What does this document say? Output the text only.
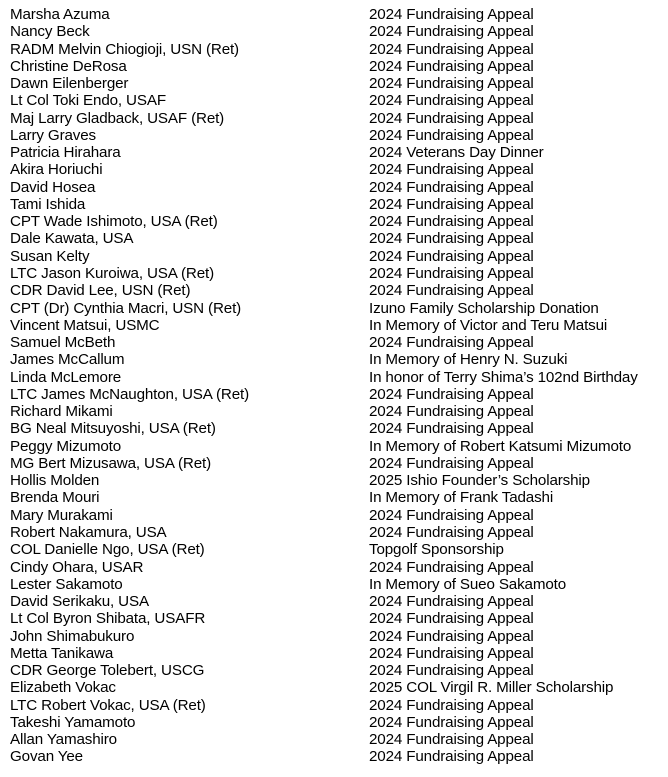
Marsha Azuma	2024 Fundraising Appeal
Nancy Beck	2024 Fundraising Appeal
RADM Melvin Chiogioji, USN (Ret)	2024 Fundraising Appeal
Christine DeRosa	2024 Fundraising Appeal
Dawn Eilenberger	2024 Fundraising Appeal
Lt Col Toki Endo, USAF	2024 Fundraising Appeal
Maj Larry Gladback, USAF (Ret)	2024 Fundraising Appeal
Larry Graves	2024 Fundraising Appeal
Patricia Hirahara	2024 Veterans Day Dinner
Akira Horiuchi	2024 Fundraising Appeal
David Hosea	2024 Fundraising Appeal
Tami Ishida	2024 Fundraising Appeal
CPT Wade Ishimoto, USA (Ret)	2024 Fundraising Appeal
Dale Kawata, USA	2024 Fundraising Appeal
Susan Kelty	2024 Fundraising Appeal
LTC Jason Kuroiwa, USA (Ret)	2024 Fundraising Appeal
CDR David Lee, USN (Ret)	2024 Fundraising Appeal
CPT (Dr) Cynthia Macri, USN (Ret)	Izuno Family Scholarship Donation
Vincent Matsui, USMC	In Memory of Victor and Teru Matsui
Samuel McBeth	2024 Fundraising Appeal
James McCallum	In Memory of Henry N. Suzuki
Linda McLemore	In honor of Terry Shima’s 102nd Birthday
LTC James McNaughton, USA (Ret)	2024 Fundraising Appeal
Richard Mikami	2024 Fundraising Appeal
BG Neal Mitsuyoshi, USA (Ret)	2024 Fundraising Appeal
Peggy Mizumoto	In Memory of Robert Katsumi Mizumoto
MG Bert Mizusawa, USA (Ret)	2024 Fundraising Appeal
Hollis Molden	2025 Ishio Founder’s Scholarship
Brenda Mouri	In Memory of Frank Tadashi
Mary Murakami	2024 Fundraising Appeal
Robert Nakamura, USA	2024 Fundraising Appeal
COL Danielle Ngo, USA (Ret)	Topgolf Sponsorship
Cindy Ohara, USAR	2024 Fundraising Appeal
Lester Sakamoto	In Memory of Sueo Sakamoto
David Serikaku, USA	2024 Fundraising Appeal
Lt Col Byron Shibata, USAFR	2024 Fundraising Appeal
John Shimabukuro	2024 Fundraising Appeal
Metta Tanikawa	2024 Fundraising Appeal
CDR George Tolebert, USCG	2024 Fundraising Appeal
Elizabeth Vokac	2025 COL Virgil R. Miller Scholarship
LTC Robert Vokac, USA (Ret)	2024 Fundraising Appeal
Takeshi Yamamoto	2024 Fundraising Appeal
Allan Yamashiro	2024 Fundraising Appeal
Govan Yee	2024 Fundraising Appeal
